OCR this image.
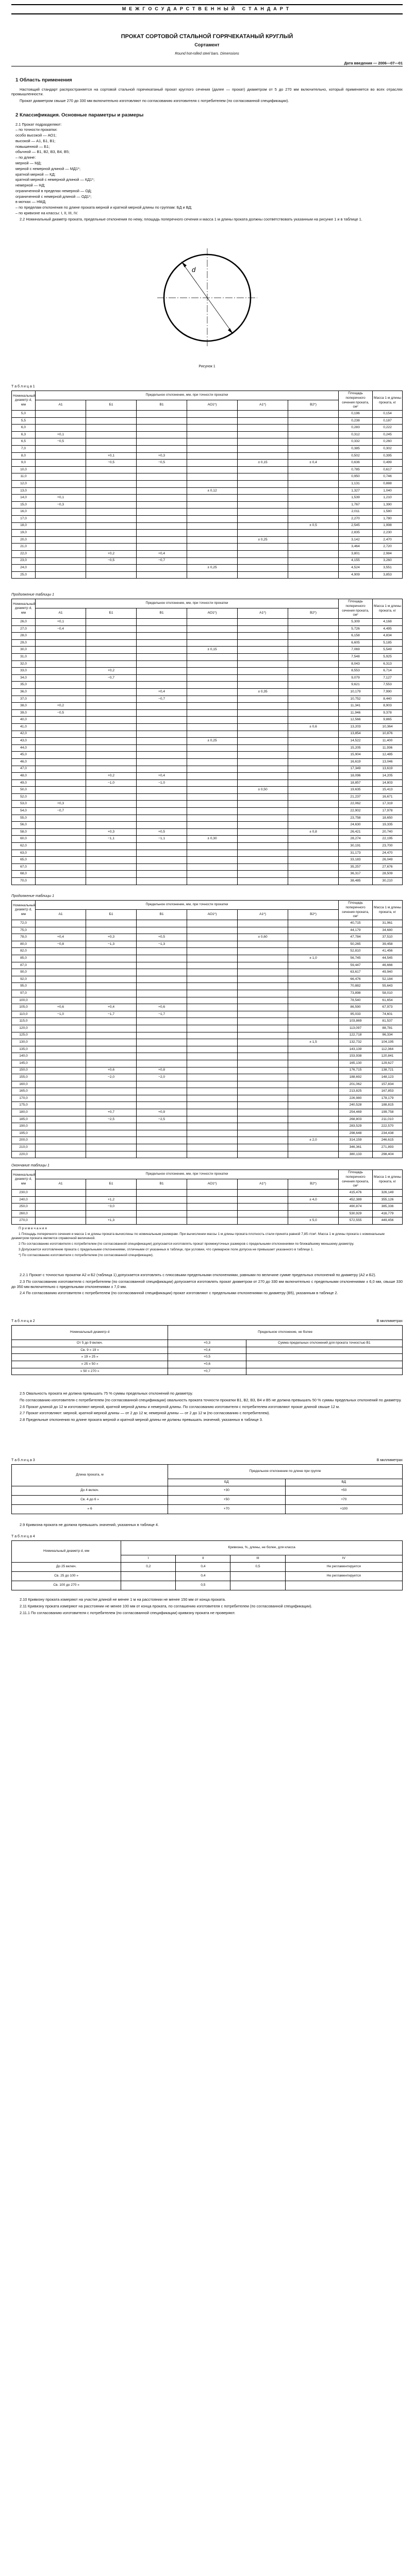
МЕЖГОСУДАРСТВЕННЫЙ СТАНДАРТ
ПРОКАТ СОРТОВОЙ СТАЛЬНОЙ ГОРЯЧЕКАТАНЫЙ КРУГЛЫЙ
Сортамент
Round hot-rolled steel bars. Dimensions
Дата введения — 2006—07—01
1 Область применения
Настоящий стандарт распространяется на сортовой стальной горячекатаный прокат круглого сечения (далее — прокат) диаметром от 5 до 270 мм включительно, который применяется во всех отраслях промышленности.
Прокат диаметром свыше 270 до 330 мм включительно изготовляют по согласованию изготовителя с потребителем (по согласованной спецификации).
2 Классификация. Основные параметры и размеры
2.1 Прокат подразделяют:
– по точности прокатки:
особо высокой — АО1;
высокой — А1, Б1, В1;
повышенной — Б1;
обычной — В1, В2, В3, В4, В5;
– по длине:
мерной — МД;
мерной с немерной длиной — МД1*;
кратной мерной — КД;
кратной мерной с немерной длиной — КД1*;
немерной — НД;
ограниченной в пределах немерной — ОД;
ограниченной с немерной длиной — ОД1*;
в мотках — НМД;
– по пределам отклонения по длине проката мерной и кратной мерной длины по группам: БД и ВД;
– по кривизне на классы: I, II, III, IV.
2.2 Номинальный диаметр проката, предельные отклонения по нему, площадь поперечного сечения и масса 1 м длины проката должны соответствовать указанным на рисунке 1 и в таблице 1.
d
Рисунок 1
Т а б л и ц а 1
Номинальный диаметр d, мм	Предельное отклонение, мм, при точности прокатки						Площадь поперечного сечения проката, см²	Масса 1 м длины проката, кг
	А1	Б1	В1	АО1*)	А1*)	В2*)		
5,0							0,196	0,154
5,5							0,238	0,187
6,0							0,283	0,222
6,3	+0,1						0,312	0,245
6,5	−0,5						0,332	0,260
7,0							0,385	0,302
8,0		+0,1	+0,3				0,502	0,395
9,0		−0,5	−0,5		± 0,15	± 0,4	0,636	0,499
10,0							0,785	0,617
11,0							0,950	0,746
12,0							1,131	0,888
13,0				± 0,12			1,327	1,040
14,0	+0,1						1,539	1,210
15,0	−0,3						1,767	1,390
16,0							2,011	1,580
17,0							2,270	1,780
18,0						± 0,5	2,545	1,998
19,0							2,835	2,230
20,0					± 0,25		3,142	2,470
21,0							3,464	2,720
22,0		+0,2	+0,4				3,801	2,984
23,0		−0,5	−0,7				4,155	3,260
24,0				± 0,25			4,524	3,551
25,0							4,909	3,853
Продолжение таблицы 1
Номинальный диаметр d, мм	Предельное отклонение, мм, при точности прокатки						Площадь поперечного сечения проката, см²	Масса 1 м длины проката, кг
	А1	Б1	В1	АО1*)	А1*)	В2*)		
26,0	+0,1						5,309	4,168
27,0	−0,4						5,726	4,495
28,0							6,158	4,834
29,0							6,605	5,185
30,0				± 0,15			7,069	5,549
31,0							7,548	5,925
32,0							8,043	6,313
33,0		+0,2					8,553	6,714
34,0		−0,7					9,079	7,127
35,0							9,621	7,553
36,0			+0,4		± 0,35		10,179	7,990
37,0			−0,7				10,752	8,440
38,0	+0,2						11,341	8,903
39,0	−0,5						11,946	9,378
40,0							12,566	9,865
41,0						± 0,6	13,203	10,364
42,0							13,854	10,876
43,0				± 0,25			14,522	11,400
44,0							15,205	11,936
45,0							15,904	12,485
46,0							16,619	13,046
47,0							17,349	13,619
48,0		+0,2	+0,4				18,096	14,205
49,0		−1,0	−1,0				18,857	14,803
50,0					± 0,50		19,635	15,413
52,0							21,237	16,671
53,0	+0,3						22,062	17,319
54,0	−0,7						22,902	17,978
55,0							23,758	18,650
56,0							24,630	19,335
58,0		+0,3	+0,5			± 0,8	26,421	20,740
60,0		−1,1	−1,1	± 0,30			28,274	22,195
62,0							30,191	23,700
63,0							31,173	24,470
65,0							33,183	26,049
67,0							35,257	27,676
68,0							36,317	28,509
70,0							38,485	30,210
Продолжение таблицы 1
Номинальный диаметр d, мм	Предельное отклонение, мм, при точности прокатки						Площадь поперечного сечения проката, см²	Масса 1 м длины проката, кг
	А1	Б1	В1	АО1*)	А1*)	В2*)		
72,0							40,715	31,961
75,0							44,179	34,680
78,0	+0,4	+0,3	+0,5		± 0,60		47,784	37,510
80,0	−0,8	−1,3	−1,3				50,265	39,458
82,0							52,810	41,456
85,0						± 1,0	56,745	44,545
87,0							59,447	46,666
90,0							63,617	49,940
92,0							66,476	52,184
95,0							70,882	55,643
97,0							73,898	58,010
100,0							78,540	61,654
105,0	+0,6	+0,4	+0,6				86,590	67,973
110,0	−1,0	−1,7	−1,7				95,033	74,601
115,0							103,869	81,537
120,0							113,097	88,781
125,0							122,718	96,334
130,0						± 1,5	132,732	104,195
135,0							143,139	112,364
140,0							153,938	120,841
145,0							165,130	129,627
150,0		+0,6	+0,8				176,715	138,721
155,0		−2,0	−2,0				188,692	148,123
160,0							201,062	157,834
165,0							213,825	167,853
170,0							226,980	178,179
175,0							240,528	188,815
180,0		+0,7	+0,9				254,469	199,758
185,0		−2,5	−2,5				268,803	211,010
190,0							283,529	222,570
195,0							298,648	234,438
200,0						± 2,0	314,159	246,615
210,0							346,361	271,893
220,0							380,133	298,404
Окончание таблицы 1
Номинальный диаметр d, мм	Предельное отклонение, мм, при точности прокатки						Площадь поперечного сечения проката, см²	Масса 1 м длины проката, кг
	А1	Б1	В1	АО1*)	А1*)	В2*)		
230,0							415,476	326,149
240,0		+1,2				± 4,0	452,389	355,126
250,0		−3,0					490,874	385,336
260,0							530,929	416,779
270,0		+1,3				± 5,0	572,555	449,456
П р и м е ч а н и я
1 Площадь поперечного сечения и масса 1 м длины проката вычислены по номинальным размерам. При вычислении массы 1 м длины проката плотность стали принята равной 7,85 г/см³. Масса 1 м длины проката с номинальным диаметром проката является справочной величиной.
2 По согласованию изготовителя с потребителем (по согласованной спецификации) допускается изготовлять прокат промежуточных размеров с предельными отклонениями по ближайшему меньшему диаметру.
3 Допускается изготовление проката с предельными отклонениями, отличными от указанных в таблице, при условии, что суммарное поле допуска не превышает указанного в таблице 1.
*) По согласованию изготовителя с потребителем (по согласованной спецификации).
2.2.1 Прокат с точностью прокатки А2 и Б2 (таблица 1) допускается изготовлять с плюсовыми предельными отклонениями, равными по величине сумме предельных отклонений по диаметру (А2 и Б2).
2.3 По согласованию изготовителя с потребителем (по согласованной спецификации) допускается изготовлять прокат диаметром от 270 до 330 мм включительно с предельными отклонениями ± 6,0 мм, свыше 330 до 350 мм включительно с предельными отклонениями ± 7,0 мм.
2.4 По согласованию изготовителя с потребителем (по согласованной спецификации) прокат изготовляют с предельными отклонениями по диаметру (В5), указанным в таблице 2.
Т а б л и ц а 2	В миллиметрах
Номинальный диаметр d	Предельное отклонение, не более	
От 5 до 9 включ.	+0,3	Сумма предельных отклонений для проката точностью В1
Св. 9 » 19 »	+0,4	
» 19 » 25 »	+0,5	
» 25 » 50 »	+0,6	
» 50 » 270 »	+0,7	
2.5 Овальность проката не должна превышать 75 % суммы предельных отклонений по диаметру.
По согласованию изготовителя с потребителем (по согласованной спецификации) овальность проката точности прокатки В1, В2, В3, В4 и В5 не должна превышать 50 % суммы предельных отклонений по диаметру.
2.6 Прокат длиной до 12 м изготовляют мерной, кратной мерной длины и немерной длины. По согласованию изготовителя с потребителем изготовляют прокат длиной свыше 12 м.
2.7 Прокат изготовляют: мерной, кратной мерной длины — от 2 до 12 м; немерной длины — от 2 до 12 м (по согласованию с потребителем).
2.8 Предельные отклонения по длине проката мерной и кратной мерной длины не должны превышать значений, указанных в таблице 3.
Т а б л и ц а 3	В миллиметрах
Длина проката, м	Предельное отклонение по длине при группе	
	БД	ВД
До 4 включ.	+30	+50
Св. 4 до 6 »	+50	+70
» 6	+70	+100
2.9 Кривизна проката не должна превышать значений, указанных в таблице 4.
Т а б л и ц а 4
Номинальный диаметр d, мм	Кривизна, %, длины, не более, для класса			
	I	II	III	IV
До 25 включ.	0,2	0,4	0,5	Не регламентируется
Св. 25 до 100 »		0,4		Не регламентируется
Св. 100 до 270 »		0,5		
2.10 Кривизну проката измеряют на участке длиной не менее 1 м на расстоянии не менее 150 мм от конца проката.
2.11 Кривизну проката измеряют на расстоянии не менее 100 мм от конца проката, по соглашению изготовителя с потребителем (по согласованной спецификации).
2.11.1 По согласованию изготовителя с потребителем (по согласованной спецификации) кривизну проката не проверяют.
